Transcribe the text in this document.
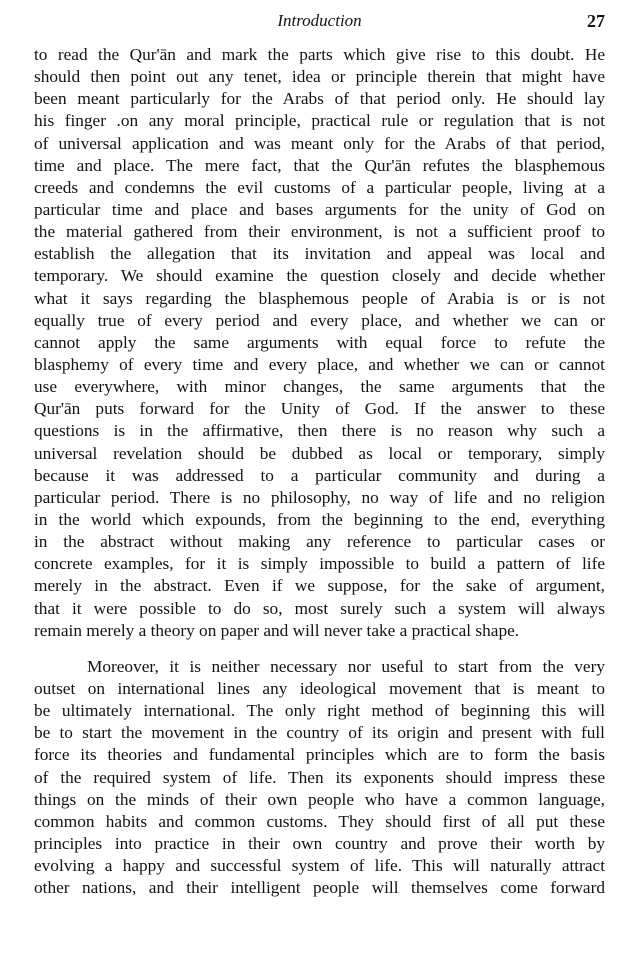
Introduction	27
to read the Qur'ān and mark the parts which give rise to this doubt. He
should then point out any tenet, idea or principle therein that might have
been meant particularly for the Arabs of that period only. He should lay
his finger .on any moral principle, practical rule or regulation that is not
of universal application and was meant only for the Arabs of that period,
time and place. The mere fact, that the Qur'ān refutes the blasphemous
creeds and condemns the evil customs of a particular people, living at a
particular time and place and bases arguments for the unity of God on
the material gathered from their environment, is not a sufficient proof to
establish the allegation that its invitation and appeal was local and
temporary. We should examine the question closely and decide whether
what it says regarding the blasphemous people of Arabia is or is not
equally true of every period and every place, and whether we can or
cannot apply the same arguments with equal force to refute the
blasphemy of every time and every place, and whether we can or cannot
use everywhere, with minor changes, the same arguments that the
Qur'ān puts forward for the Unity of God. If the answer to these
questions is in the affirmative, then there is no reason why such a
universal revelation should be dubbed as local or temporary, simply
because it was addressed to a particular community and during a
particular period. There is no philosophy, no way of life and no religion
in the world which expounds, from the beginning to the end, everything
in the abstract without making any reference to particular cases or
concrete examples, for it is simply impossible to build a pattern of life
merely in the abstract. Even if we suppose, for the sake of argument,
that it were possible to do so, most surely such a system will always
remain merely a theory on paper and will never take a practical shape.
Moreover, it is neither necessary nor useful to start from the very
outset on international lines any ideological movement that is meant to
be ultimately international. The only right method of beginning this will
be to start the movement in the country of its origin and present with full
force its theories and fundamental principles which are to form the basis
of the required system of life. Then its exponents should impress these
things on the minds of their own people who have a common language,
common habits and common customs. They should first of all put these
principles into practice in their own country and prove their worth by
evolving a happy and successful system of life. This will naturally attract
other nations, and their intelligent people will themselves come forward
